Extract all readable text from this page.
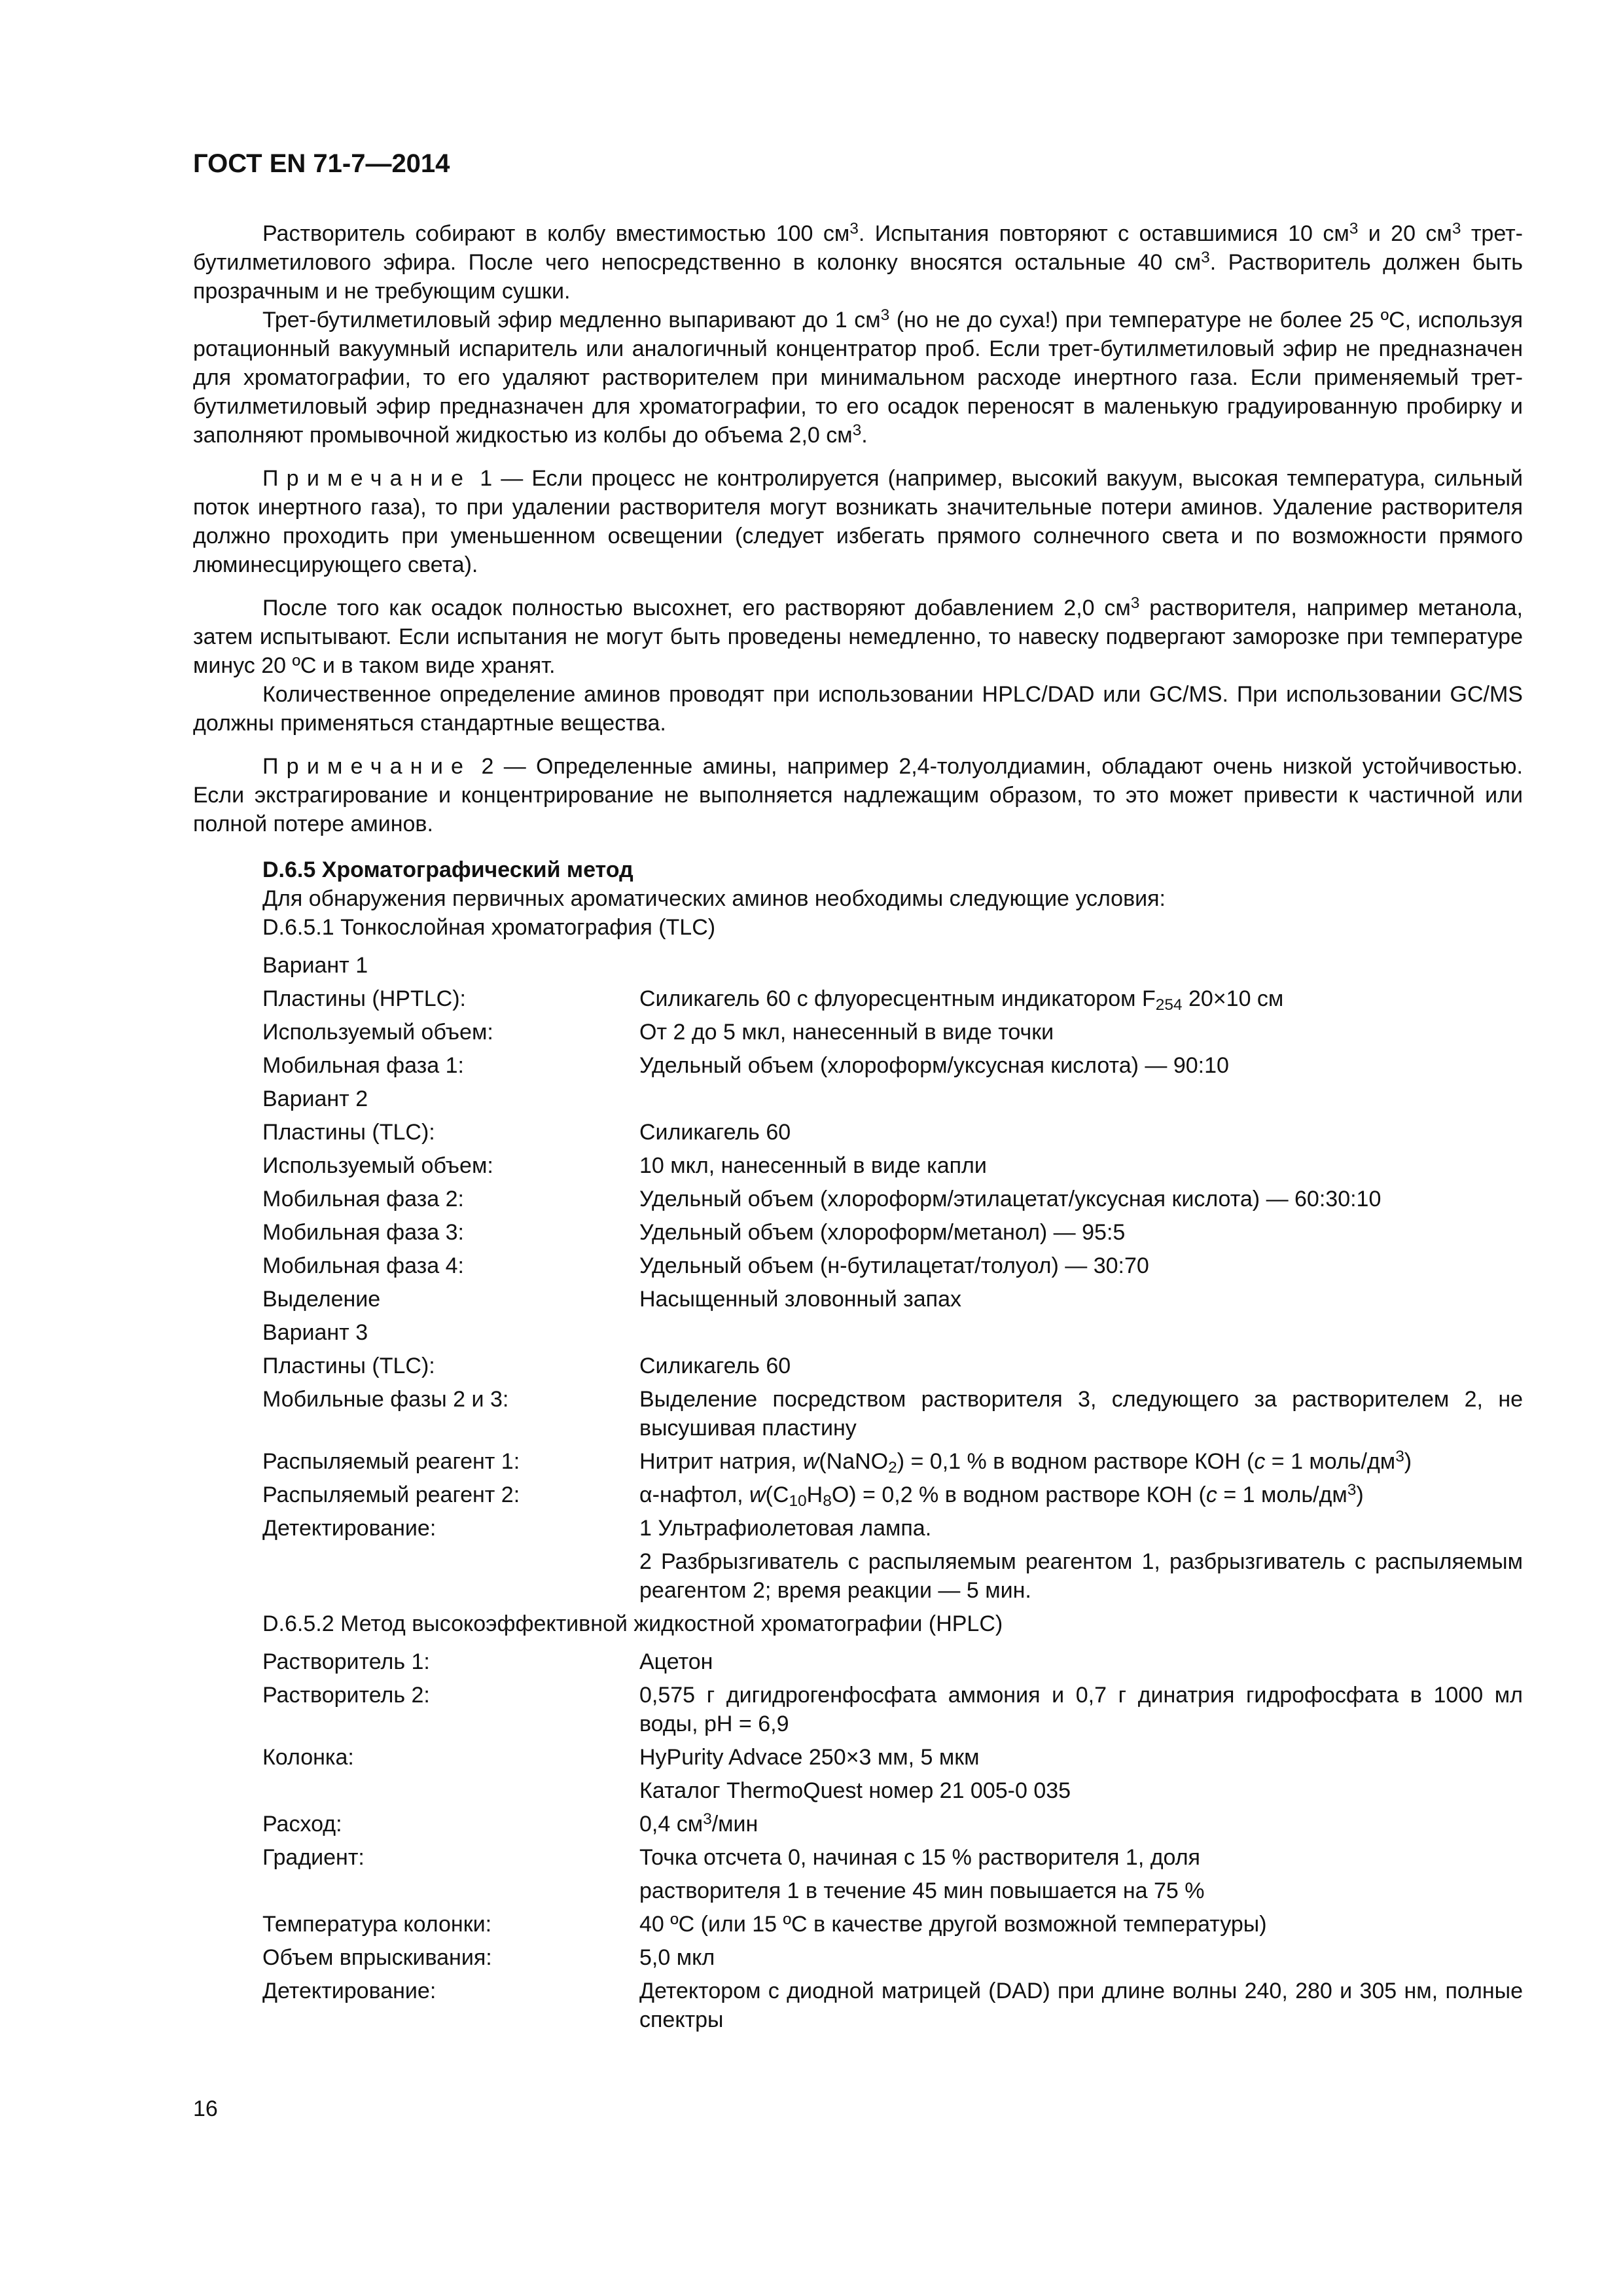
ГОСТ EN 71-7—2014

Растворитель собирают в колбу вместимостью 100 $см^3$. Испытания повторяют с оставшимися 10 $см^3$ и 20 $см^3$ трет-бутилметилового эфира. После чего непосредственно в колонку вносятся остальные 40 $см^3$. Растворитель должен быть прозрачным и не требующим сушки.

Трет-бутилметиловый эфир медленно выпаривают до 1 $см^3$ (но не до суха!) при температуре не более 25 ºС, используя ротационный вакуумный испаритель или аналогичный концентратор проб. Если трет-бутилметиловый эфир не предназначен для хроматографии, то его удаляют растворителем при минимальном расходе инертного газа. Если применяемый трет-бутилметиловый эфир предназначен для хроматографии, то его осадок переносят в маленькую градуированную пробирку и заполняют промывочной жидкостью из колбы до объема 2,0 $см^3$.

Примечание 1 — Если процесс не контролируется (например, высокий вакуум, высокая температура, сильный поток инертного газа), то при удалении растворителя могут возникать значительные потери аминов. Удаление растворителя должно проходить при уменьшенном освещении (следует избегать прямого солнечного света и по возможности прямого люминесцирующего света).

После того как осадок полностью высохнет, его растворяют добавлением 2,0 $см^3$ растворителя, например метанола, затем испытывают. Если испытания не могут быть проведены немедленно, то навеску подвергают заморозке при температуре минус 20 ºС и в таком виде хранят.

Количественное определение аминов проводят при использовании HPLC/DAD или GC/MS. При использовании GC/MS должны применяться стандартные вещества.

Примечание 2 — Определенные амины, например 2,4-толуолдиамин, обладают очень низкой устойчивостью. Если экстрагирование и концентрирование не выполняется надлежащим образом, то это может привести к частичной или полной потере аминов.

D.6.5 Хроматографический метод
Для обнаружения первичных ароматических аминов необходимы следующие условия:
D.6.5.1 Тонкослойная хроматография (TLC)
Вариант 1
Пластины (HPTLC):	Силикагель 60 с флуоресцентным индикатором $F_{254}$ 20×10 см
Используемый объем:	От 2 до 5 мкл, нанесенный в виде точки
Мобильная фаза 1:	Удельный объем (хлороформ/уксусная кислота) — 90:10
Вариант 2
Пластины (TLC):	Силикагель 60
Используемый объем:	10 мкл, нанесенный в виде капли
Мобильная фаза 2:	Удельный объем (хлороформ/этилацетат/уксусная кислота) — 60:30:10
Мобильная фаза 3:	Удельный объем (хлороформ/метанол) — 95:5
Мобильная фаза 4:	Удельный объем (н-бутилацетат/толуол) — 30:70
Выделение	Насыщенный зловонный запах
Вариант 3
Пластины (TLC):	Силикагель 60
Мобильные фазы 2 и 3:	Выделение посредством растворителя 3, следующего за растворителем 2, не высушивая пластину
Распыляемый реагент 1:	Нитрит натрия, w(NaNO$_2$) = 0,1 % в водном растворе КОН (c = 1 моль/$дм^3$)
Распыляемый реагент 2:	α-нафтол, $w(C_{10}H_8O) = 0,2$ % в водном растворе КОН (c = 1 моль/$дм^3$)
Детектирование:	1 Ультрафиолетовая лампа.
2 Разбрызгиватель с распыляемым реагентом 1, разбрызгиватель с распыляемым реагентом 2; время реакции — 5 мин.
D.6.5.2 Метод высокоэффективной жидкостной хроматографии (HPLC)
Растворитель 1:	Ацетон
Растворитель 2:	0,575 г дигидрогенфосфата аммония и 0,7 г динатрия гидрофосфата в 1000 мл воды, рН = 6,9
Колонка:	HyPurity Advace 250×3 мм, 5 мкм
Каталог ThermoQuest номер 21 005-0 035
Расход:	0,4 $см^3$/мин
Градиент:	Точка отсчета 0, начиная с 15 % растворителя 1, доля
растворителя 1 в течение 45 мин повышается на 75 %
Температура колонки:	40 ºС (или 15 ºС в качестве другой возможной температуры)
Объем впрыскивания:	5,0 мкл
Детектирование:	Детектором с диодной матрицей (DAD) при длине волны 240, 280 и 305 нм, полные спектры
16
